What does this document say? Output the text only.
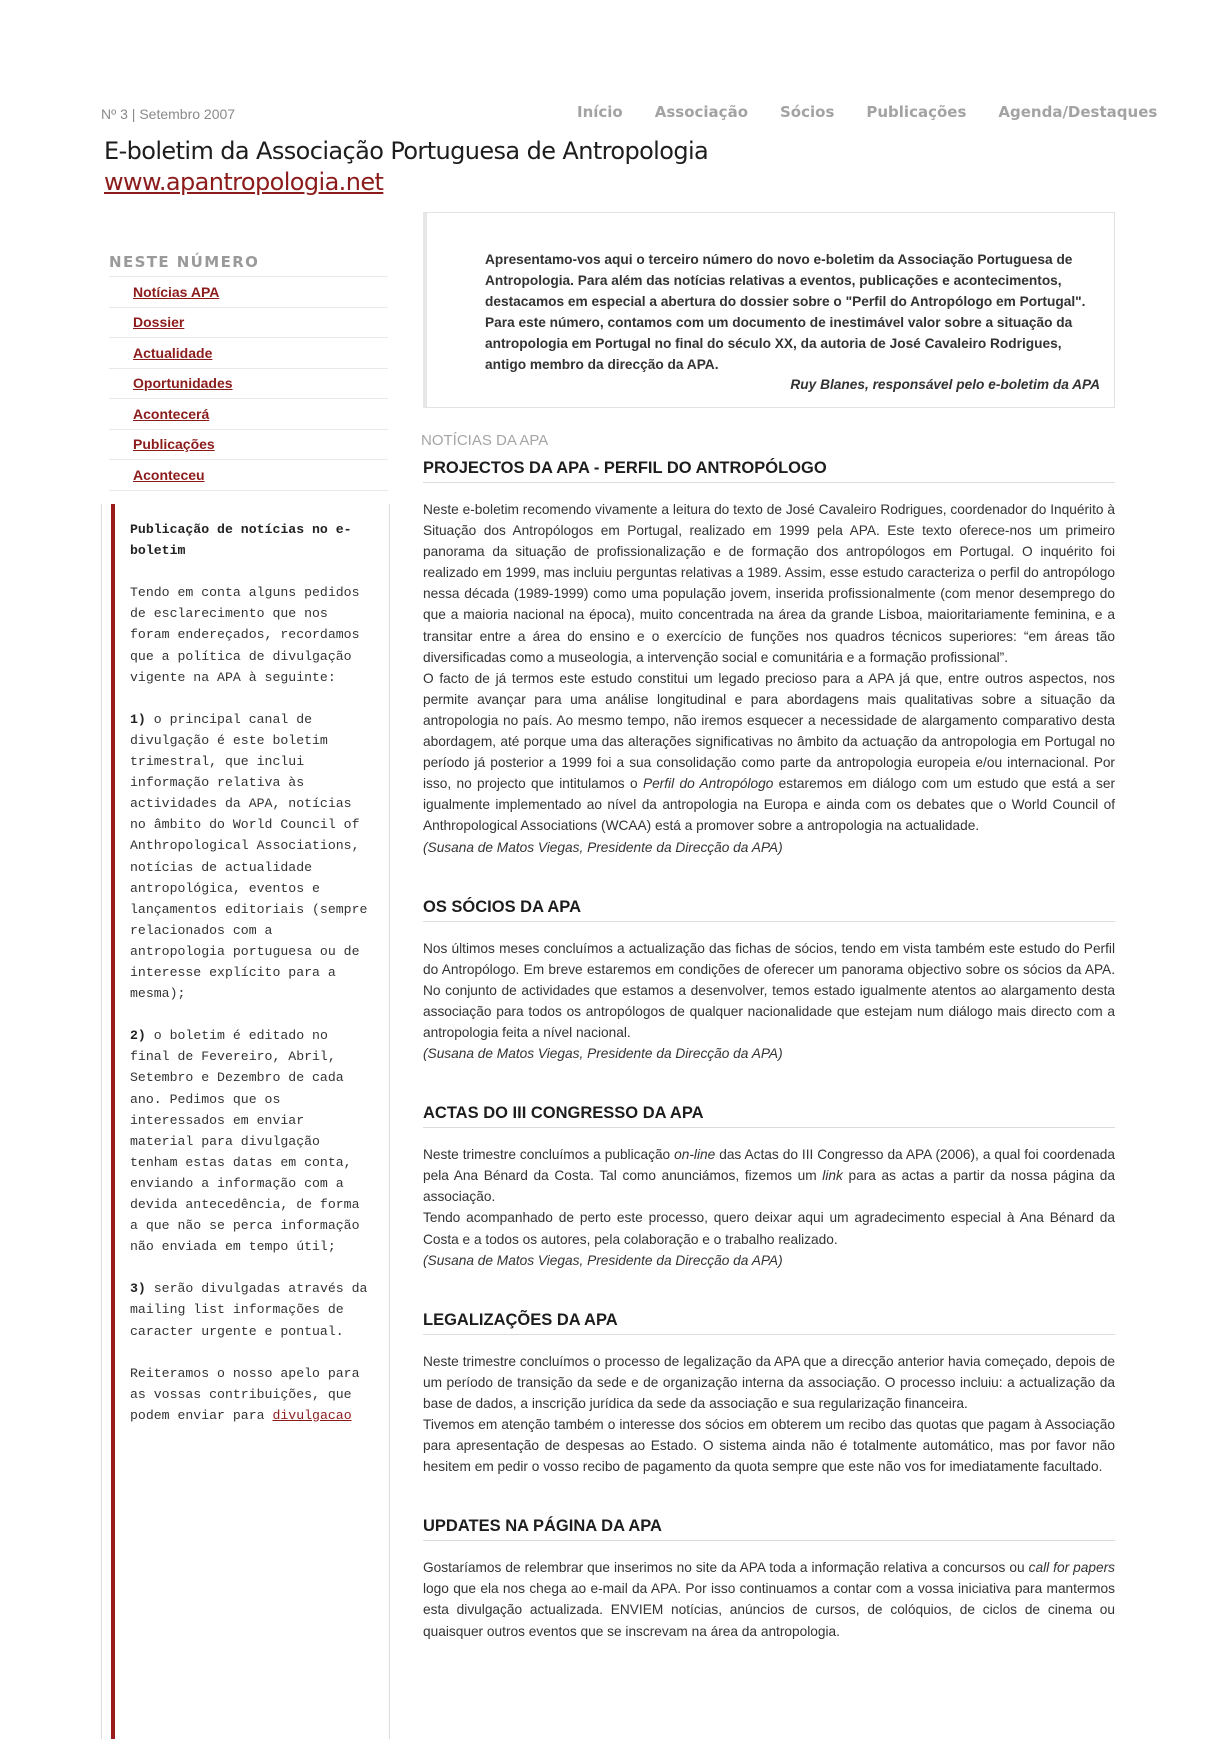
Nº 3 | Setembro 2007	Início Associação Sócios Publicações Agenda/Destaques
E-boletim da Associação Portuguesa de Antropologia
www.apantropologia.net
NESTE NÚMERO
Notícias APA
Dossier
Actualidade
Oportunidades
Acontecerá
Publicações
Aconteceu
Publicação de notícias no e-boletim

Tendo em conta alguns pedidos de esclarecimento que nos foram endereçados, recordamos que a política de divulgação vigente na APA à seguinte:

1) o principal canal de divulgação é este boletim trimestral, que inclui informação relativa às actividades da APA, notícias no âmbito do World Council of Anthropological Associations, notícias de actualidade antropológica, eventos e lançamentos editoriais (sempre relacionados com a antropologia portuguesa ou de interesse explícito para a mesma);

2) o boletim é editado no final de Fevereiro, Abril, Setembro e Dezembro de cada ano. Pedimos que os interessados em enviar material para divulgação tenham estas datas em conta, enviando a informação com a devida antecedência, de forma a que não se perca informação não enviada em tempo útil;

3) serão divulgadas através da mailing list informações de caracter urgente e pontual.

Reiteramos o nosso apelo para as vossas contribuições, que podem enviar para divulgacao

Apresentamo-vos aqui o terceiro número do novo e-boletim da Associação Portuguesa de Antropologia. Para além das notícias relativas a eventos, publicações e acontecimentos, destacamos em especial a abertura do dossier sobre o "Perfil do Antropólogo em Portugal". Para este número, contamos com um documento de inestimável valor sobre a situação da antropologia em Portugal no final do século XX, da autoria de José Cavaleiro Rodrigues, antigo membro da direcção da APA.
Ruy Blanes, responsável pelo e-boletim da APA
NOTÍCIAS DA APA
PROJECTOS DA APA - PERFIL DO ANTROPÓLOGO

Neste e-boletim recomendo vivamente a leitura do texto de José Cavaleiro Rodrigues, coordenador do Inquérito à Situação dos Antropólogos em Portugal, realizado em 1999 pela APA. Este texto oferece-nos um primeiro panorama da situação de profissionalização e de formação dos antropólogos em Portugal. O inquérito foi realizado em 1999, mas incluiu perguntas relativas a 1989. Assim, esse estudo caracteriza o perfil do antropólogo nessa década (1989-1999) como uma população jovem, inserida profissionalmente (com menor desemprego do que a maioria nacional na época), muito concentrada na área da grande Lisboa, maioritariamente feminina, e a transitar entre a área do ensino e o exercício de funções nos quadros técnicos superiores: “em áreas tão diversificadas como a museologia, a intervenção social e comunitária e a formação profissional”.

O facto de já termos este estudo constitui um legado precioso para a APA já que, entre outros aspectos, nos permite avançar para uma análise longitudinal e para abordagens mais qualitativas sobre a situação da antropologia no país. Ao mesmo tempo, não iremos esquecer a necessidade de alargamento comparativo desta abordagem, até porque uma das alterações significativas no âmbito da actuação da antropologia em Portugal no período já posterior a 1999 foi a sua consolidação como parte da antropologia europeia e/ou internacional. Por isso, no projecto que intitulamos o Perfil do Antropólogo estaremos em diálogo com um estudo que está a ser igualmente implementado ao nível da antropologia na Europa e ainda com os debates que o World Council of Anthropological Associations (WCAA) está a promover sobre a antropologia na actualidade.

(Susana de Matos Viegas, Presidente da Direcção da APA)

OS SÓCIOS DA APA

Nos últimos meses concluímos a actualização das fichas de sócios, tendo em vista também este estudo do Perfil do Antropólogo. Em breve estaremos em condições de oferecer um panorama objectivo sobre os sócios da APA. No conjunto de actividades que estamos a desenvolver, temos estado igualmente atentos ao alargamento desta associação para todos os antropólogos de qualquer nacionalidade que estejam num diálogo mais directo com a antropologia feita a nível nacional.

(Susana de Matos Viegas, Presidente da Direcção da APA)

ACTAS DO III CONGRESSO DA APA

Neste trimestre concluímos a publicação on-line das Actas do III Congresso da APA (2006), a qual foi coordenada pela Ana Bénard da Costa. Tal como anunciámos, fizemos um link para as actas a partir da nossa página da associação.

Tendo acompanhado de perto este processo, quero deixar aqui um agradecimento especial à Ana Bénard da Costa e a todos os autores, pela colaboração e o trabalho realizado.

(Susana de Matos Viegas, Presidente da Direcção da APA)

LEGALIZAÇÕES DA APA

Neste trimestre concluímos o processo de legalização da APA que a direcção anterior havia começado, depois de um período de transição da sede e de organização interna da associação. O processo incluiu: a actualização da base de dados, a inscrição jurídica da sede da associação e sua regularização financeira.

Tivemos em atenção também o interesse dos sócios em obterem um recibo das quotas que pagam à Associação para apresentação de despesas ao Estado. O sistema ainda não é totalmente automático, mas por favor não hesitem em pedir o vosso recibo de pagamento da quota sempre que este não vos for imediatamente facultado.

UPDATES NA PÁGINA DA APA

Gostaríamos de relembrar que inserimos no site da APA toda a informação relativa a concursos ou call for papers logo que ela nos chega ao e-mail da APA. Por isso continuamos a contar com a vossa iniciativa para mantermos esta divulgação actualizada. ENVIEM notícias, anúncios de cursos, de colóquios, de ciclos de cinema ou quaisquer outros eventos que se inscrevam na área da antropologia.
